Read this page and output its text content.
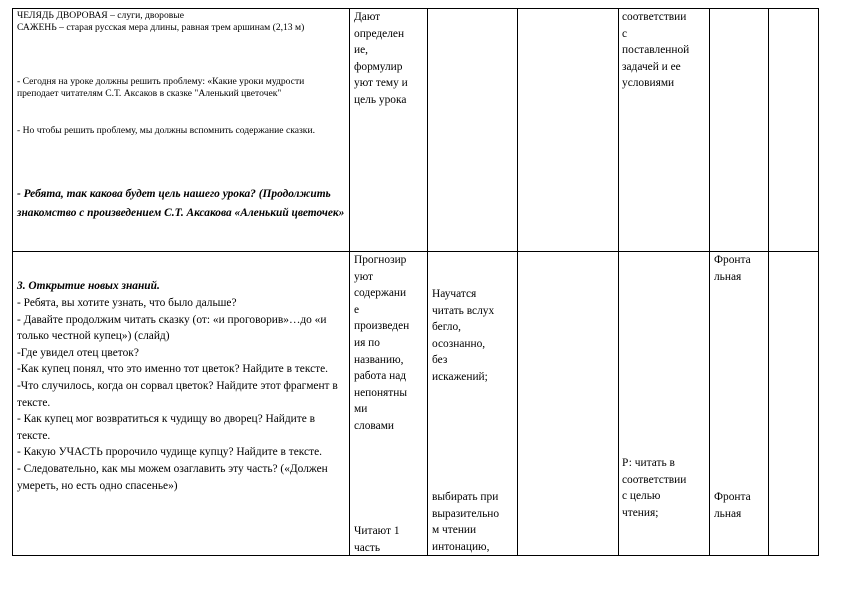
ЧЕЛЯДЬ ДВОРОВАЯ – слуги, дворовые
САЖЕНЬ – старая русская мера длины, равная трем аршинам (2,13 м)
- Сегодня на уроке должны решить проблему: «Какие уроки мудрости преподает читателям С.Т. Аксаков в сказке "Аленький цветочек"
- Но чтобы решить проблему, мы должны вспомнить содержание сказки.
- Ребята, так какова будет цель нашего урока? (Продолжить знакомство с произведением С.Т. Аксакова «Аленький цветочек»
Дают
определен
ие,
формулир
уют тему и
цель урока
соответствии
с
поставленной
задачей и ее
условиями
3. Открытие новых знаний.
- Ребята, вы хотите узнать, что было дальше?
- Давайте продолжим читать сказку (от: «и проговорив»…до «и только честной купец») (слайд)
-Где увидел отец цветок?
-Как купец понял, что это именно тот цветок? Найдите в тексте.
-Что случилось, когда он сорвал цветок? Найдите этот фрагмент в тексте.
- Как купец мог возвратиться к чудищу во дворец? Найдите в тексте.
- Какую УЧАСТЬ пророчило чудище купцу? Найдите в тексте.
- Следовательно, как мы можем озаглавить эту часть? («Должен умереть, но есть одно спасенье»)
Прогнозир
уют
содержани
е
произведен
ия по
названию,
работа над
непонятны
ми
словами
Читают 1
часть
Научатся
читать вслух
бегло,
осознанно,
без
искажений;
выбирать при
выразительно
м чтении
интонацию,
Р: читать в
соответствии
с целью
чтения;
Фронта
льная
Фронта
льная
